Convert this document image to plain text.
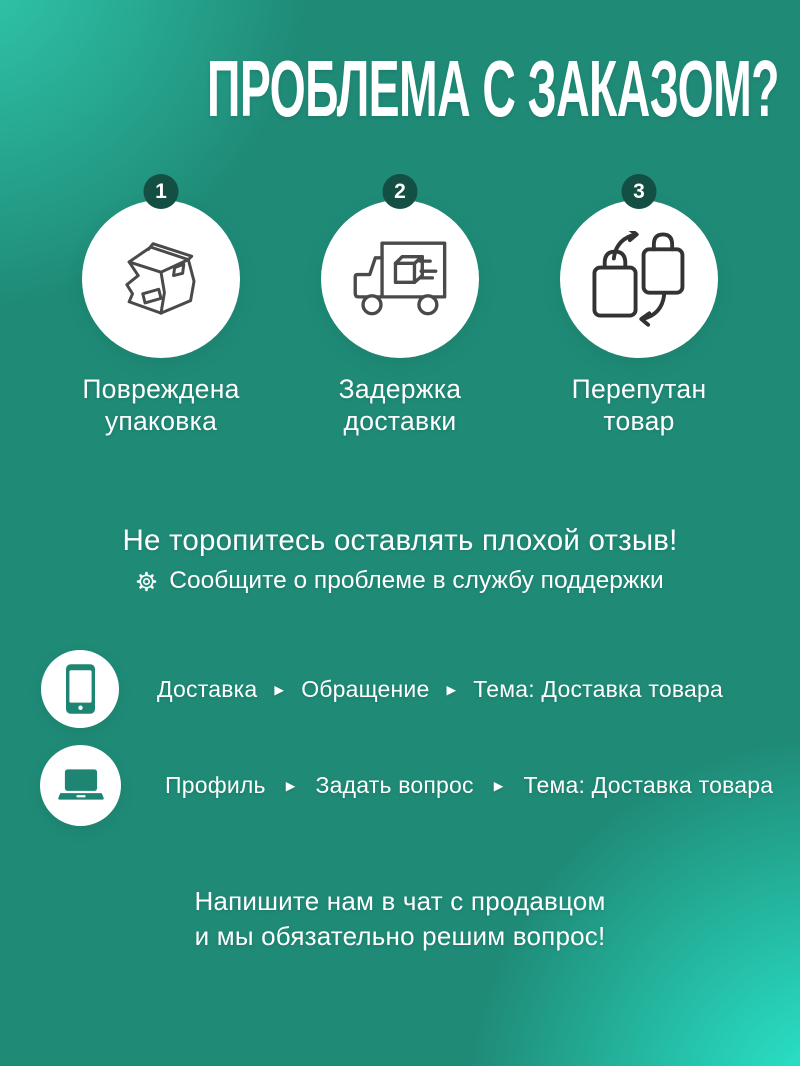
ПРОБЛЕМА С ЗАКАЗОМ?
1
Повреждена
упаковка
2
Задержка
доставки
3
Перепутан
товар
Не торопитесь оставлять плохой отзыв!
Сообщите о проблеме в службу поддержки
Доставка ▶ Обращение ▶ Тема: Доставка товара
Профиль ▶ Задать вопрос ▶ Тема: Доставка товара
Напишите нам в чат с продавцом
и мы обязательно решим вопрос!
